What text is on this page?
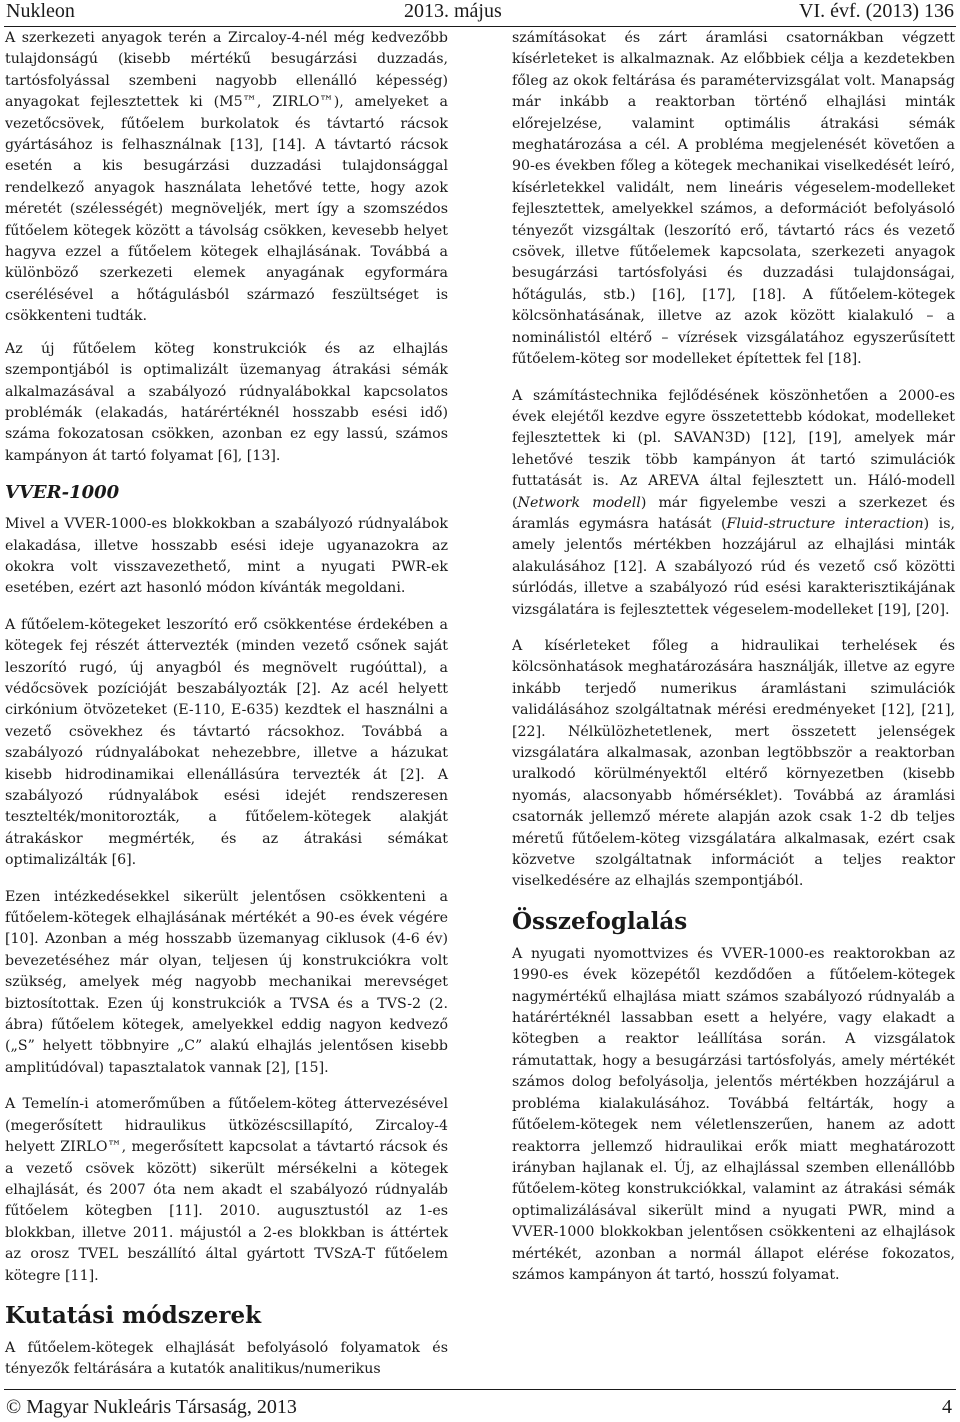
Nukleon	2013. május	VI. évf. (2013) 136

A szerkezeti anyagok terén a Zircaloy-4-nél még kedvezőbb tulajdonságú (kisebb mértékű besugárzási duzzadás, tartósfolyással szembeni nagyobb ellenálló képesség) anyagokat fejlesztettek ki (M5™, ZIRLO™), amelyeket a vezetőcsövek, fűtőelem burkolatok és távtartó rácsok gyártásához is felhasználnak [13], [14]. A távtartó rácsok esetén a kis besugárzási duzzadási tulajdonsággal rendelkező anyagok használata lehetővé tette, hogy azok méretét (szélességét) megnöveljék, mert így a szomszédos fűtőelem kötegek között a távolság csökken, kevesebb helyet hagyva ezzel a fűtőelem kötegek elhajlásának. Továbbá a különböző szerkezeti elemek anyagának egyformára cserélésével a hőtágulásból származó feszültséget is csökkenteni tudták.

Az új fűtőelem köteg konstrukciók és az elhajlás szempontjából is optimalizált üzemanyag átrakási sémák alkalmazásával a szabályozó rúdnyalábokkal kapcsolatos problémák (elakadás, határértéknél hosszabb esési idő) száma fokozatosan csökken, azonban ez egy lassú, számos kampányon át tartó folyamat [6], [13].

VVER-1000

Mivel a VVER-1000-es blokkokban a szabályozó rúdnyalábok elakadása, illetve hosszabb esési ideje ugyanazokra az okokra volt visszavezethető, mint a nyugati PWR-ek esetében, ezért azt hasonló módon kívánták megoldani.

A fűtőelem-kötegeket leszorító erő csökkentése érdekében a kötegek fej részét áttervezték (minden vezető csőnek saját leszorító rugó, új anyagból és megnövelt rugóúttal), a védőcsövek pozícióját beszabályozták [2]. Az acél helyett cirkónium ötvözeteket (E-110, E-635) kezdtek el használni a vezető csövekhez és távtartó rácsokhoz. Továbbá a szabályozó rúdnyalábokat nehezebbre, illetve a házukat kisebb hidrodinamikai ellenállásúra tervezték át [2]. A szabályozó rúdnyalábok esési idejét rendszeresen tesztelték/monitorozták, a fűtőelem-kötegek alakját átrakáskor megmérték, és az átrakási sémákat optimalizálták [6].

Ezen intézkedésekkel sikerült jelentősen csökkenteni a fűtőelem-kötegek elhajlásának mértékét a 90-es évek végére [10]. Azonban a még hosszabb üzemanyag ciklusok (4-6 év) bevezetéséhez már olyan, teljesen új konstrukciókra volt szükség, amelyek még nagyobb mechanikai merevséget biztosítottak. Ezen új konstrukciók a TVSA és a TVS-2 (2. ábra) fűtőelem kötegek, amelyekkel eddig nagyon kedvező („S” helyett többnyire „C” alakú elhajlás jelentősen kisebb amplitúdóval) tapasztalatok vannak [2], [15].

A Temelín-i atomerőműben a fűtőelem-köteg áttervezésével (megerősített hidraulikus ütközéscsillapító, Zircaloy-4 helyett ZIRLO™, megerősített kapcsolat a távtartó rácsok és a vezető csövek között) sikerült mérsékelni a kötegek elhajlását, és 2007 óta nem akadt el szabályozó rúdnyaláb fűtőelem kötegben [11]. 2010. augusztustól az 1-es blokkban, illetve 2011. májustól a 2-es blokkban is áttértek az orosz TVEL beszállító által gyártott TVSzA-T fűtőelem kötegre [11].

Kutatási módszerek

A fűtőelem-kötegek elhajlását befolyásoló folyamatok és tényezők feltárására a kutatók analitikus/numerikus

számításokat és zárt áramlási csatornákban végzett kísérleteket is alkalmaznak. Az előbbiek célja a kezdetekben főleg az okok feltárása és paramétervizsgálat volt. Manapság már inkább a reaktorban történő elhajlási minták előrejelzése, valamint optimális átrakási sémák meghatározása a cél. A probléma megjelenését követően a 90-es években főleg a kötegek mechanikai viselkedését leíró, kísérletekkel validált, nem lineáris végeselem-modelleket fejlesztettek, amelyekkel számos, a deformációt befolyásoló tényezőt vizsgáltak (leszorító erő, távtartó rács és vezető csövek, illetve fűtőelemek kapcsolata, szerkezeti anyagok besugárzási tartósfolyási és duzzadási tulajdonságai, hőtágulás, stb.) [16], [17], [18]. A fűtőelem-kötegek kölcsönhatásának, illetve az azok között kialakuló – a nominálistól eltérő – vízrések vizsgálatához egyszerűsített fűtőelem-köteg sor modelleket építettek fel [18].

A számítástechnika fejlődésének köszönhetően a 2000-es évek elejétől kezdve egyre összetettebb kódokat, modelleket fejlesztettek ki (pl. SAVAN3D) [12], [19], amelyek már lehetővé teszik több kampányon át tartó szimulációk futtatását is. Az AREVA által fejlesztett un. Háló-modell (Network modell) már figyelembe veszi a szerkezet és áramlás egymásra hatását (Fluid-structure interaction) is, amely jelentős mértékben hozzájárul az elhajlási minták alakulásához [12]. A szabályozó rúd és vezető cső közötti súrlódás, illetve a szabályozó rúd esési karakterisztikájának vizsgálatára is fejlesztettek végeselem-modelleket [19], [20].

A kísérleteket főleg a hidraulikai terhelések és kölcsönhatások meghatározására használják, illetve az egyre inkább terjedő numerikus áramlástani szimulációk validálásához szolgáltatnak mérési eredményeket [12], [21], [22]. Nélkülözhetetlenek, mert összetett jelenségek vizsgálatára alkalmasak, azonban legtöbbször a reaktorban uralkodó körülményektől eltérő környezetben (kisebb nyomás, alacsonyabb hőmérséklet). Továbbá az áramlási csatornák jellemző mérete alapján azok csak 1-2 db teljes méretű fűtőelem-köteg vizsgálatára alkalmasak, ezért csak közvetve szolgáltatnak információt a teljes reaktor viselkedésére az elhajlás szempontjából.

Összefoglalás

A nyugati nyomottvizes és VVER-1000-es reaktorokban az 1990-es évek közepétől kezdődően a fűtőelem-kötegek nagymértékű elhajlása miatt számos szabályozó rúdnyaláb a határértéknél lassabban esett a helyére, vagy elakadt a kötegben a reaktor leállítása során. A vizsgálatok rámutattak, hogy a besugárzási tartósfolyás, amely mértékét számos dolog befolyásolja, jelentős mértékben hozzájárul a probléma kialakulásához. Továbbá feltárták, hogy a fűtőelem-kötegek nem véletlenszerűen, hanem az adott reaktorra jellemző hidraulikai erők miatt meghatározott irányban hajlanak el. Új, az elhajlással szemben ellenállóbb fűtőelem-köteg konstrukciókkal, valamint az átrakási sémák optimalizálásával sikerült mind a nyugati PWR, mind a VVER-1000 blokkokban jelentősen csökkenteni az elhajlások mértékét, azonban a normál állapot elérése fokozatos, számos kampányon át tartó, hosszú folyamat.

© Magyar Nukleáris Társaság, 2013	4
